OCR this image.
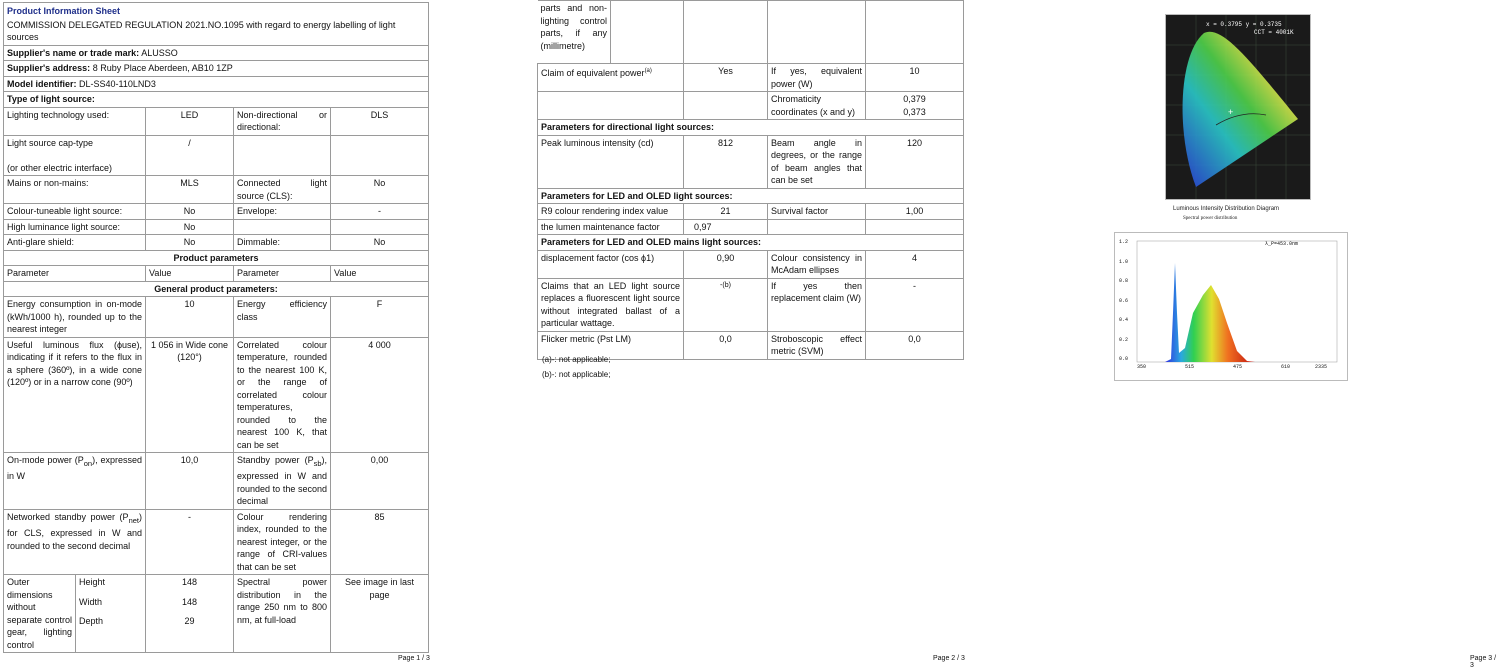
Product Information Sheet				
COMMISSION DELEGATED REGULATION 2021.NO.1095 with regard to energy labelling of light sources				
Supplier's name or trade mark: ALUSSO				
Supplier's address: 8 Ruby Place Aberdeen, AB10 1ZP				
Model identifier: DL-SS40-110LND3				
Type of light source:				
Lighting technology used:		LED	Non-directional or directional:	DLS
Light source cap-type

(or other electric interface)		/		
Mains or non-mains:		MLS	Connected light source (CLS):	No
Colour-tuneable light source:		No	Envelope:	-
High luminance light source:		No		
Anti-glare shield:		No	Dimmable:	No
Product parameters				
Parameter		Value	Parameter	Value
General product parameters:				
Energy consumption in on-mode (kWh/1000 h), rounded up to the nearest integer		10	Energy efficiency class	F
Useful luminous flux (ϕuse), indicating if it refers to the flux in a sphere (360º), in a wide cone (120º) or in a narrow cone (90º)		1 056 in Wide cone (120°)	Correlated colour temperature, rounded to the nearest 100 K, or the range of correlated colour temperatures, rounded to the nearest 100 K, that can be set	4 000
On-mode power $(P_{on})$, expressed in W		10,0	Standby power $(P_{sb})$, expressed in W and rounded to the second decimal	0,00
Networked standby power $(P_{net})$ for CLS, expressed in W and rounded to the second decimal		-	Colour rendering index, rounded to the nearest integer, or the range of CRI-values that can be set	85
Outer dimensions without separate control gear, lighting control	Height	148	Spectral power distribution in the range 250 nm to 800 nm, at full-load	See image in last page
	Width	148		
	Depth	29		
Page 1 / 3
parts and non-lighting control parts, if any (millimetre)				
Claim of equivalent power$^{(a)}$		Yes	If yes, equivalent power (W)	10
			Chromaticity coordinates (x and y)	0,379
0,373
Parameters for directional light sources:				
Peak luminous intensity (cd)		812	Beam angle in degrees, or the range of beam angles that can be set	120
Parameters for LED and OLED light sources:				
R9 colour rendering index value		21	Survival factor	1,00
the lumen maintenance factor		0,97		
Parameters for LED and OLED mains light sources:				
displacement factor (cos ϕ1)		0,90	Colour consistency in McAdam ellipses	4
Claims that an LED light source replaces a fluorescent light source without integrated ballast of a particular wattage.		-(b)	If yes then replacement claim (W)	-
Flicker metric (Pst LM)		0,0	Stroboscopic effect metric (SVM)	0,0
(a)-: not applicable;
(b)-: not applicable;
Page 2 / 3
+
x = 0.3795 y = 0.3735
CCT = 4001K
Luminous Intensity Distribution Diagram
Spectral power distribution
1.2
1.0
0.8
0.6
0.4
0.2
0.0
350	515	475	610	2335
λ_P=453.0nm
Page 3 / 3
